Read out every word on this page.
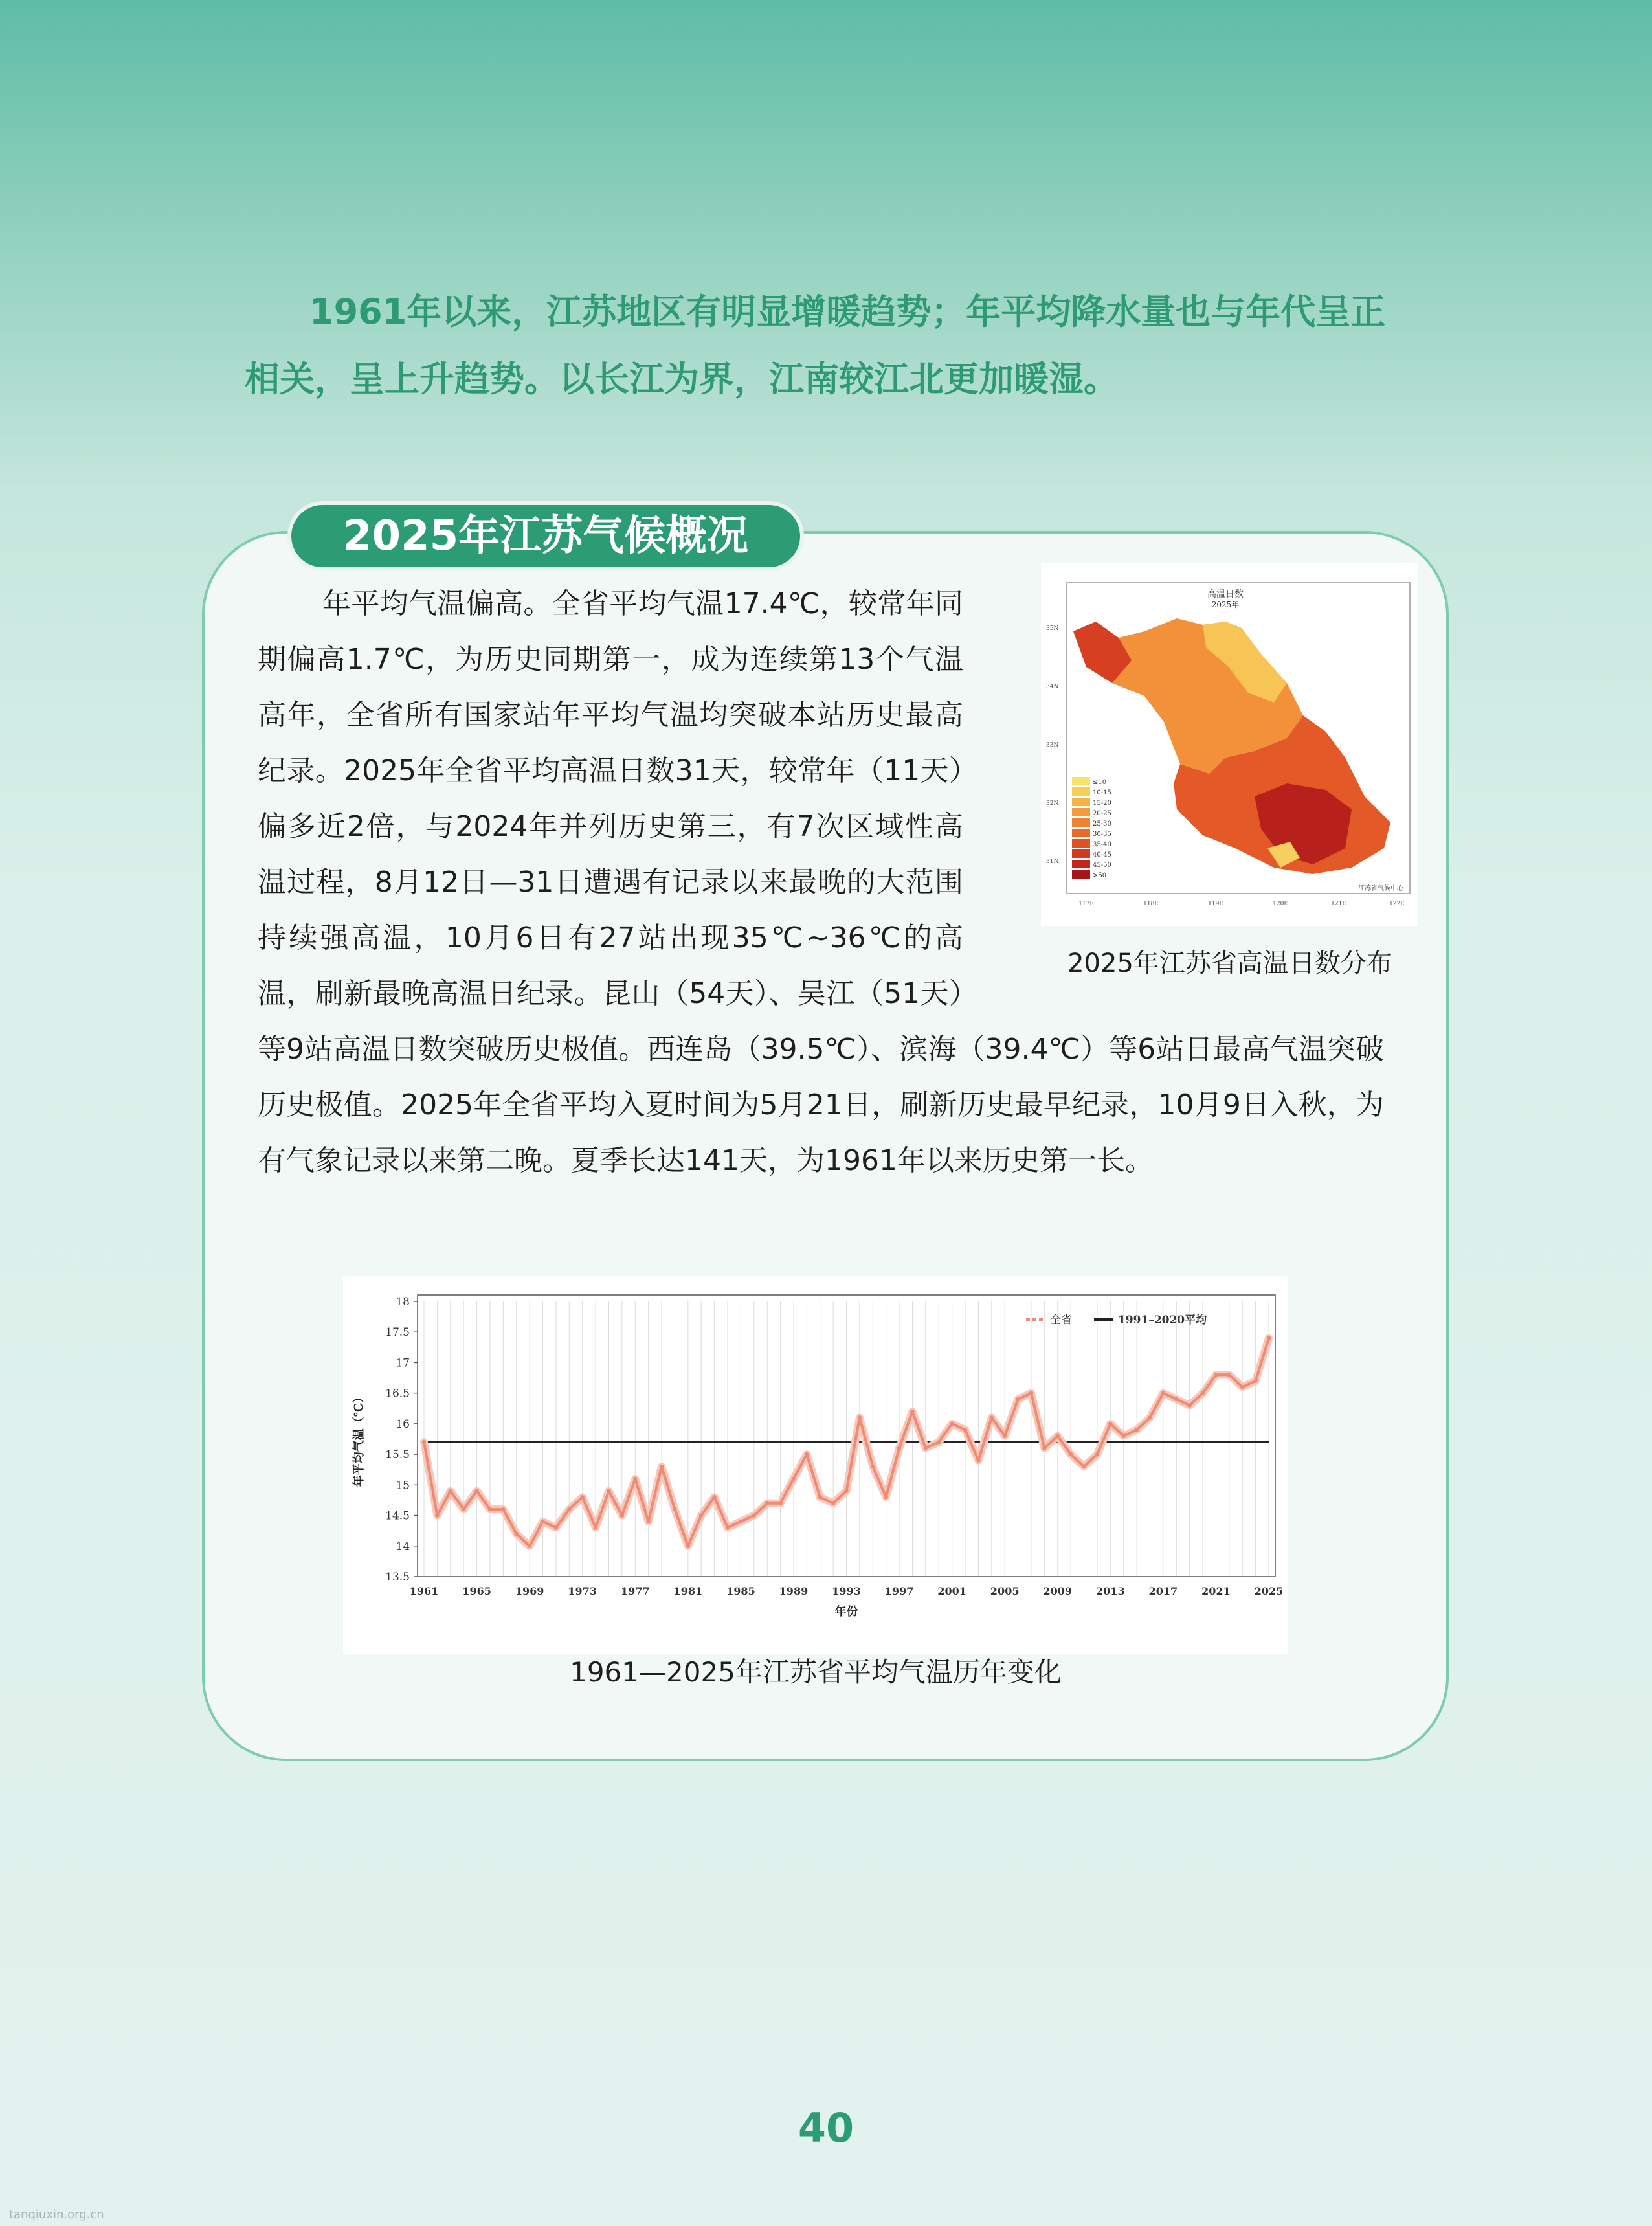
1961年以来，江苏地区有明显增暖趋势；年平均降水量也与年代呈正相关，呈上升趋势。以长江为界，江南较江北更加暖湿。

2025年江苏气候概况

年平均气温偏高。全省平均气温17.4℃，较常年同期偏高1.7℃，为历史同期第一，成为连续第13个气温高年，全省所有国家站年平均气温均突破本站历史最高纪录。2025年全省平均高温日数31天，较常年（11天）偏多近2倍，与2024年并列历史第三，有7次区域性高温过程，8月12日—31日遭遇有记录以来最晚的大范围持续强高温，10月6日有27站出现35℃~36℃的高温，刷新最晚高温日纪录。昆山（54天）、吴江（51天）等9站高温日数突破历史极值。西连岛（39.5℃）、滨海（39.4℃）等6站日最高气温突破历史极值。2025年全省平均入夏时间为5月21日，刷新历史最早纪录，10月9日入秋，为有气象记录以来第二晚。夏季长达141天，为1961年以来历史第一长。

高温日数
2025年
35N
34N
33N
32N
31N
117E	118E	119E	120E	121E	122E
≤10
10-15
15-20
20-25
25-30
30-35
35-40
40-45
45-50
>50
江苏省气候中心
2025年江苏省高温日数分布
13.5
14
14.5
15
15.5
16
16.5
17
17.5
18
1961 1965 1969 1973 1977 1981 1985 1989 1993 1997 2001 2005 2009 2013 2017 2021 2025
年份
年平均气温（℃）
全省	1991–2020平均
1961—2025年江苏省平均气温历年变化
40
tanqiuxin.org.cn
